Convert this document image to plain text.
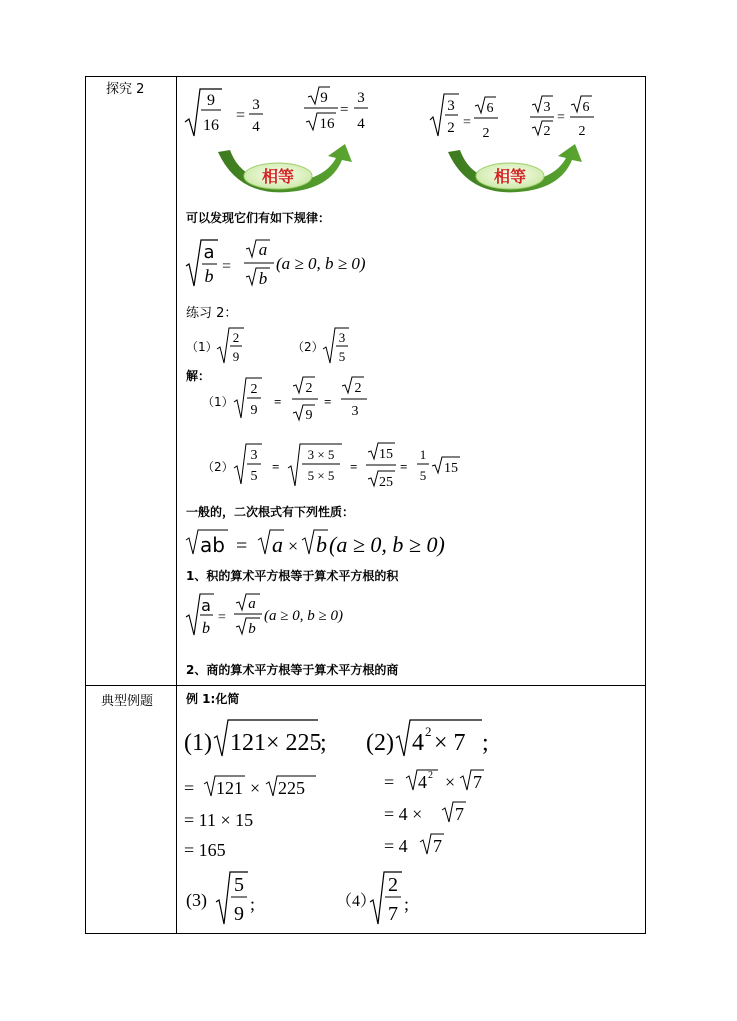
探究 2
典型例题
9
16
=
3
4
9
16
=
3
4
3
2 =
6
2
3
2
=
6
2
相等	相等
可以发现它们有如下规律：
a
b =
a
b
(a ≥ 0, b ≥ 0)
练习 2：
（1）
2
9
（2）
3
5
解：
（1）
2
9
=
2
9
=
2
3
（2）
3
5
=
3 × 5
5 × 5
=
15
25
=
1
5 15
一般的，二次根式有下列性质：
ab = a × b (a ≥ 0, b ≥ 0)
1、积的算术平方根等于算术平方根的积
a
b
=
a
b
(a ≥ 0, b ≥ 0)
2、商的算术平方根等于算术平方根的商
例 1:化简
(1) 121× 225
; (2) 4 2 × 7 ;
= 121 × 225
= 11 × 15
= 165
= 4 2 × 7
= 4 × 7
= 4 7
(3)
5
9 ;	（4）
2
7 ;
